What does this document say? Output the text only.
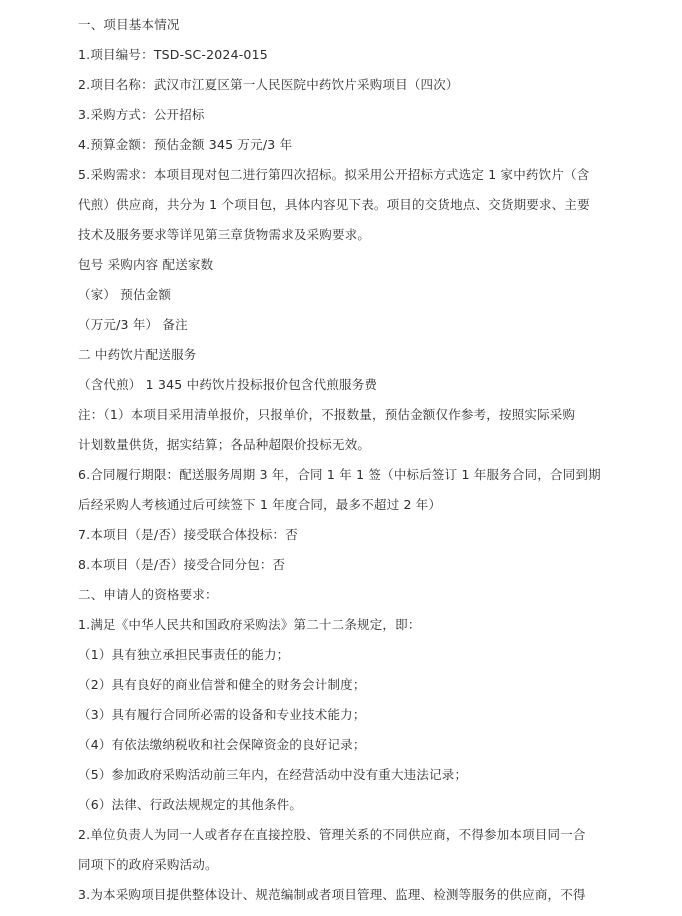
一、项目基本情况
1.项目编号：TSD-SC-2024-015
2.项目名称：武汉市江夏区第一人民医院中药饮片采购项目（四次）
3.采购方式：公开招标
4.预算金额：预估金额 345 万元/3 年
5.采购需求：本项目现对包二进行第四次招标。拟采用公开招标方式选定 1 家中药饮片（含
代煎）供应商，共分为 1 个项目包，具体内容见下表。项目的交货地点、交货期要求、主要
技术及服务要求等详见第三章货物需求及采购要求。
包号 采购内容 配送家数
（家） 预估金额
（万元/3 年） 备注
二 中药饮片配送服务
（含代煎） 1 345 中药饮片投标报价包含代煎服务费
注：（1）本项目采用清单报价，只报单价，不报数量，预估金额仅作参考，按照实际采购
计划数量供货，据实结算；各品种超限价投标无效。
6.合同履行期限：配送服务周期 3 年，合同 1 年 1 签（中标后签订 1 年服务合同，合同到期
后经采购人考核通过后可续签下 1 年度合同，最多不超过 2 年）
7.本项目（是/否）接受联合体投标：否
8.本项目（是/否）接受合同分包：否
二、申请人的资格要求：
1.满足《中华人民共和国政府采购法》第二十二条规定，即：
（1）具有独立承担民事责任的能力；
（2）具有良好的商业信誉和健全的财务会计制度；
（3）具有履行合同所必需的设备和专业技术能力；
（4）有依法缴纳税收和社会保障资金的良好记录；
（5）参加政府采购活动前三年内，在经营活动中没有重大违法记录；
（6）法律、行政法规规定的其他条件。
2.单位负责人为同一人或者存在直接控股、管理关系的不同供应商，不得参加本项目同一合
同项下的政府采购活动。
3.为本采购项目提供整体设计、规范编制或者项目管理、监理、检测等服务的供应商，不得
